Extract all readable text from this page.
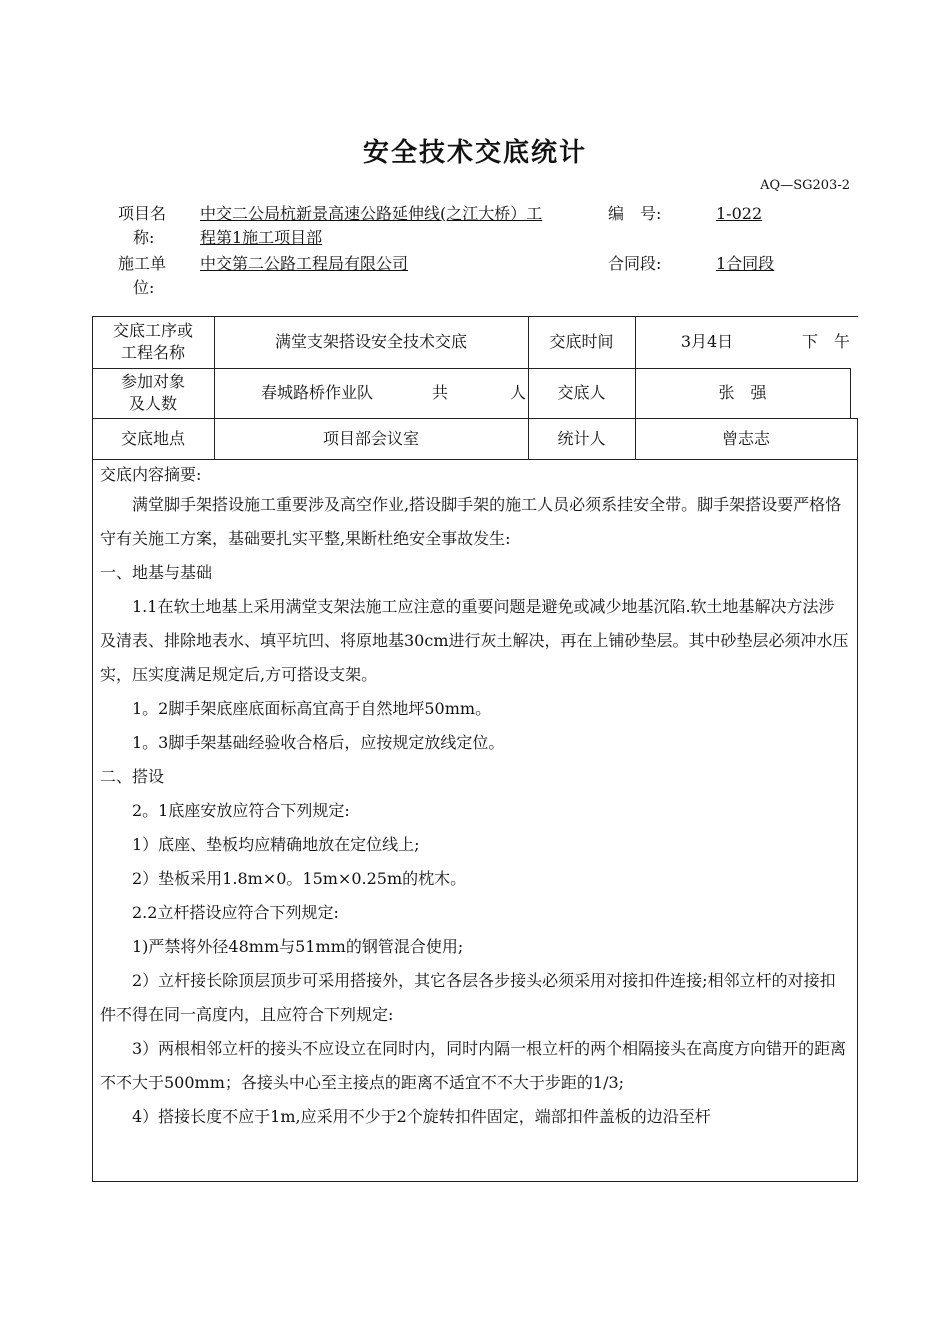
安全技术交底统计
AQ—SG203-2
项目名
称:
中交二公局杭新景高速公路延伸线(之江大桥）工
程第1施工项目部
编　号:	1-022
施工单
位:
中交第二公路工程局有限公司	合同段:	1合同段
交底工序或
工程名称
满堂支架搭设安全技术交底	交底时间	3月4日	下　午
参加对象
及人数
春城路桥作业队	共	人	交底人	张　强
交底地点	项目部会议室	统计人	曾志志

交底内容摘要:

满堂脚手架搭设施工重要涉及高空作业,搭设脚手架的施工人员必须系挂安全带。脚手架搭设要严格恪守有关施工方案，基础要扎实平整,果断杜绝安全事故发生:

一、地基与基础

1.1在软土地基上采用满堂支架法施工应注意的重要问题是避免或减少地基沉陷.软土地基解决方法涉及清表、排除地表水、填平坑凹、将原地基30cm进行灰土解决，再在上铺砂垫层。其中砂垫层必须冲水压实，压实度满足规定后,方可搭设支架。

1。2脚手架底座底面标高宜高于自然地坪50mm。

1。3脚手架基础经验收合格后，应按规定放线定位。

二、搭设

2。1底座安放应符合下列规定:

1）底座、垫板均应精确地放在定位线上;

2）垫板采用1.8m×0。15m×0.25m的枕木。

2.2立杆搭设应符合下列规定:

1)严禁将外径48mm与51mm的钢管混合使用;

2）立杆接长除顶层顶步可采用搭接外，其它各层各步接头必须采用对接扣件连接;相邻立杆的对接扣件不得在同一高度内，且应符合下列规定:

3）两根相邻立杆的接头不应设立在同时内，同时内隔一根立杆的两个相隔接头在高度方向错开的距离不不大于500mm；各接头中心至主接点的距离不适宜不不大于步距的1/3;

4）搭接长度不应于1m,应采用不少于2个旋转扣件固定，端部扣件盖板的边沿至杆
